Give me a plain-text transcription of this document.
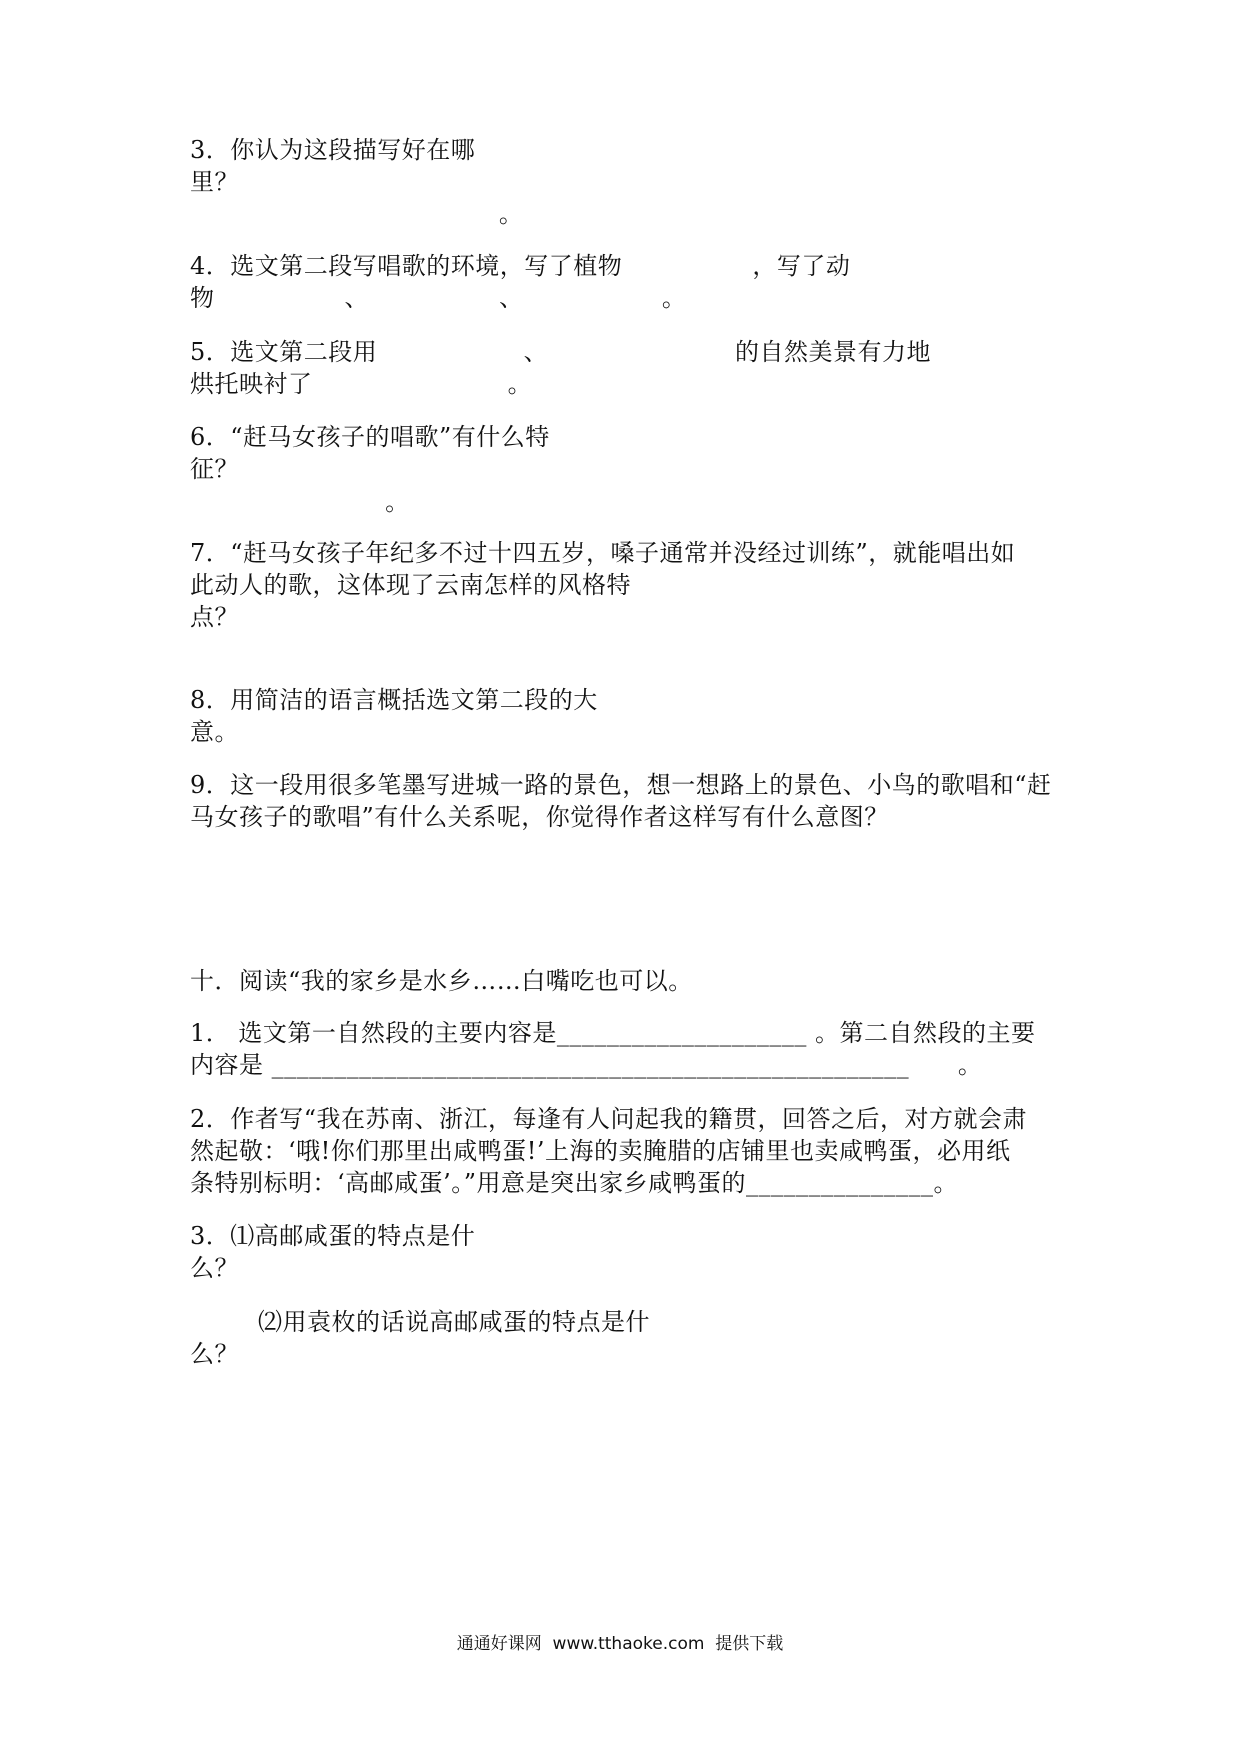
3．你认为这段描写好在哪
里？
。
4．选文第二段写唱歌的环境，写了植物                ，写了动
物                、                、                 。
5．选文第二段用                  、                       的自然美景有力地
烘托映衬了                        。
6．“赶马女孩子的唱歌”有什么特
征？
。
7．“赶马女孩子年纪多不过十四五岁，嗓子通常并没经过训练”，就能唱出如
此动人的歌，这体现了云南怎样的风格特
点？
8．用简洁的语言概括选文第二段的大
意。
9．这一段用很多笔墨写进城一路的景色，想一想路上的景色、小鸟的歌唱和“赶
马女孩子的歌唱”有什么关系呢，你觉得作者这样写有什么意图？
十．阅读“我的家乡是水乡……白嘴吃也可以。
1． 选文第一自然段的主要内容是____________________ 。第二自然段的主要
内容是 ___________________________________________________      。
2．作者写“我在苏南、浙江，每逢有人问起我的籍贯，回答之后，对方就会肃
然起敬：‘哦!你们那里出咸鸭蛋!’上海的卖腌腊的店铺里也卖咸鸭蛋，必用纸
条特别标明：‘高邮咸蛋’。”用意是突出家乡咸鸭蛋的_______________。
3．⑴高邮咸蛋的特点是什
么？
⑵用袁枚的话说高邮咸蛋的特点是什
么？
通通好课网  www.tthaoke.com  提供下载
